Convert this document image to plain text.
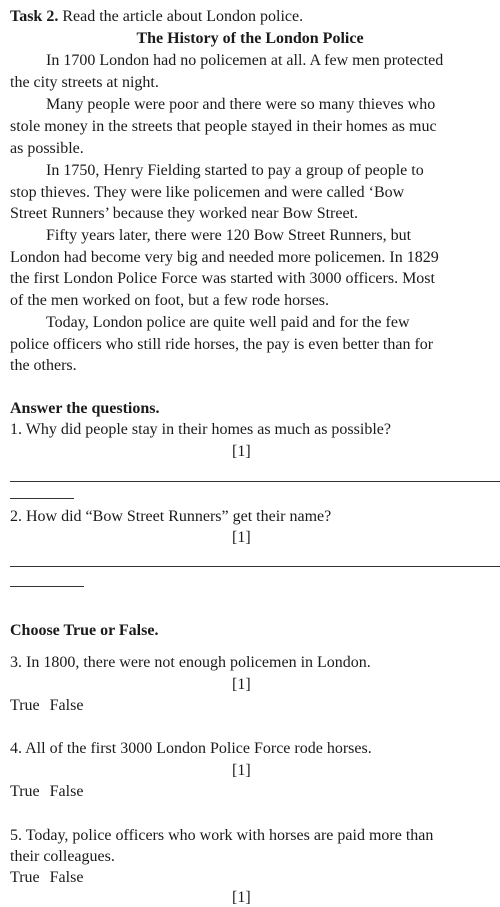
Task 2. Read the article about London police.
The History of the London Police
In 1700 London had no policemen at all. A few men protected
the city streets at night.
Many people were poor and there were so many thieves who
stole money in the streets that people stayed in their homes as muc
as possible.
In 1750, Henry Fielding started to pay a group of people to
stop thieves. They were like policemen and were called ‘Bow
Street Runners’ because they worked near Bow Street.
Fifty years later, there were 120 Bow Street Runners, but
London had become very big and needed more policemen. In 1829
the first London Police Force was started with 3000 officers. Most
of the men worked on foot, but a few rode horses.
Today, London police are quite well paid and for the few
police officers who still ride horses, the pay is even better than for
the others.
Answer the questions.
1. Why did people stay in their homes as much as possible?
[1]
2. How did “Bow Street Runners” get their name?
[1]
Choose True or False.
3. In 1800, there were not enough policemen in London.
[1]
True False
4. All of the first 3000 London Police Force rode horses.
[1]
True False
5. Today, police officers who work with horses are paid more than
their colleagues.
True False
[1]
